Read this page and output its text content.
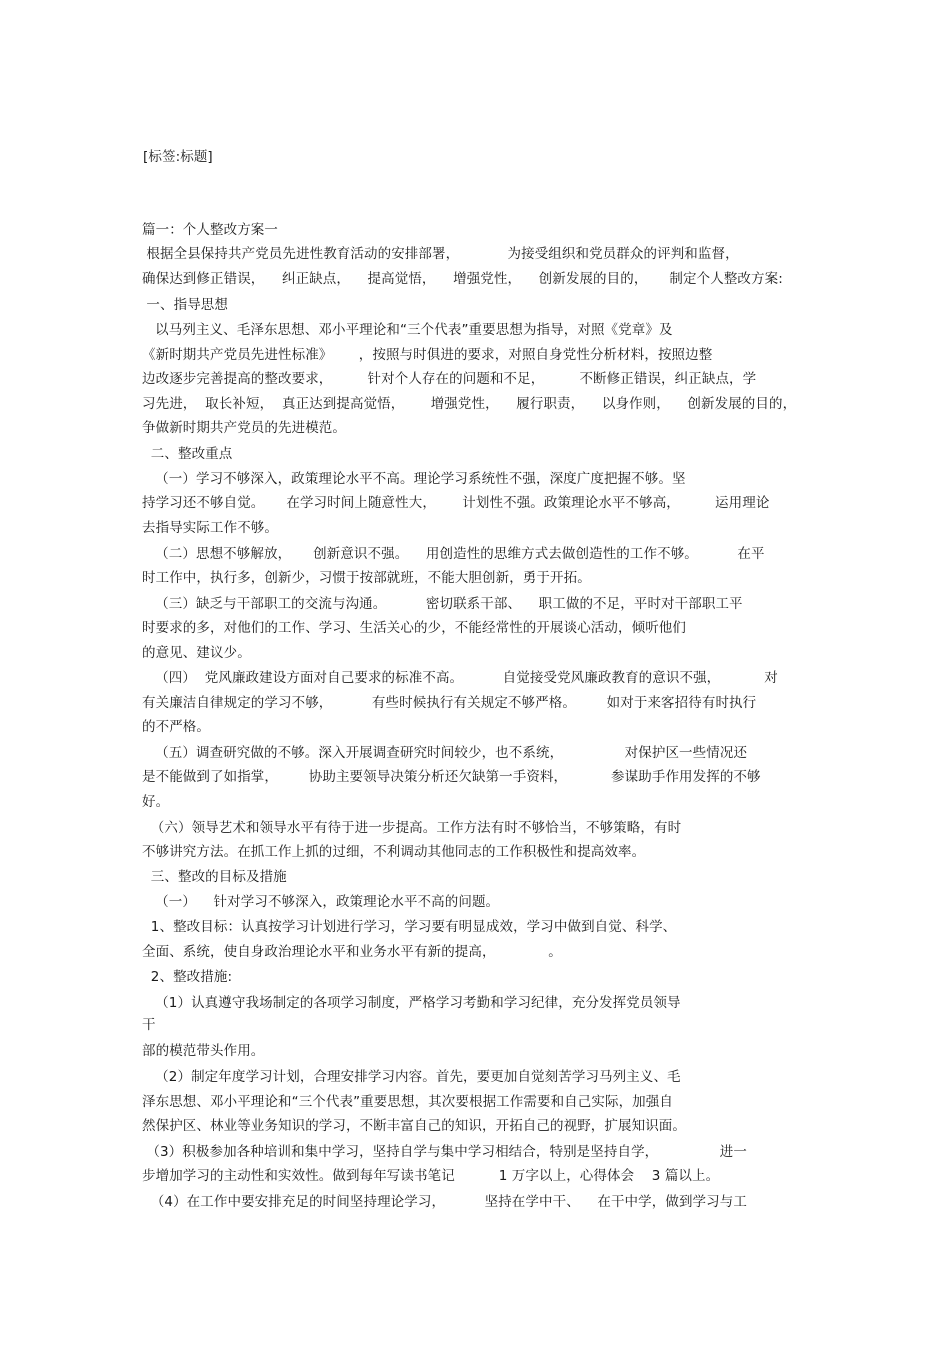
[标签:标题]
篇一：个人整改方案一
根据全县保持共产党员先进性教育活动的安排部署，           为接受组织和党员群众的评判和监督，
确保达到修正错误，    纠正缺点，    提高觉悟，    增强党性，    创新发展的目的，     制定个人整改方案:
一、指导思想
以马列主义、毛泽东思想、邓小平理论和“三个代表”重要思想为指导，对照《党章》及
《新时期共产党员先进性标准》      ，按照与时俱进的要求，对照自身党性分析材料，按照边整
边改逐步完善提高的整改要求，        针对个人存在的问题和不足，        不断修正错误，纠正缺点，学
习先进，  取长补短，  真正达到提高觉悟，      增强党性，    履行职责，    以身作则，    创新发展的目的，
争做新时期共产党员的先进模范。
二、整改重点
（一）学习不够深入，政策理论水平不高。理论学习系统性不强，深度广度把握不够。坚
持学习还不够自觉。     在学习时间上随意性大，      计划性不强。政策理论水平不够高，        运用理论
去指导实际工作不够。
（二）思想不够解放，     创新意识不强。    用创造性的思维方式去做创造性的工作不够。         在平
时工作中，执行多，创新少，习惯于按部就班，不能大胆创新，勇于开拓。
（三）缺乏与干部职工的交流与沟通。         密切联系干部、    职工做的不足，平时对干部职工平
时要求的多，对他们的工作、学习、生活关心的少，不能经常性的开展谈心活动，倾听他们
的意见、建议少。
（四）  党风廉政建设方面对自己要求的标准不高。         自觉接受党风廉政教育的意识不强，          对
有关廉洁自律规定的学习不够，         有些时候执行有关规定不够严格。       如对于来客招待有时执行
的不严格。
（五）调查研究做的不够。深入开展调查研究时间较少，也不系统，              对保护区一些情况还
是不能做到了如指掌，       协助主要领导决策分析还欠缺第一手资料，          参谋助手作用发挥的不够
好。
（六）领导艺术和领导水平有待于进一步提高。工作方法有时不够恰当，不够策略，有时
不够讲究方法。在抓工作上抓的过细，不利调动其他同志的工作积极性和提高效率。
三、整改的目标及措施
（一）    针对学习不够深入，政策理论水平不高的问题。
1、整改目标：认真按学习计划进行学习，学习要有明显成效，学习中做到自觉、科学、
全面、系统，使自身政治理论水平和业务水平有新的提高，            。
2、整改措施:
（1）认真遵守我场制定的各项学习制度，严格学习考勤和学习纪律，充分发挥党员领导
干
部的模范带头作用。
（2）制定年度学习计划，合理安排学习内容。首先，要更加自觉刻苦学习马列主义、毛
泽东思想、邓小平理论和“三个代表”重要思想，其次要根据工作需要和自己实际，加强自
然保护区、林业等业务知识的学习，不断丰富自己的知识，开拓自己的视野，扩展知识面。
（3）积极参加各种培训和集中学习，坚持自学与集中学习相结合，特别是坚持自学，              进一
步增加学习的主动性和实效性。做到每年写读书笔记          1 万字以上，心得体会    3 篇以上。
（4）在工作中要安排充足的时间坚持理论学习，         坚持在学中干、    在干中学，做到学习与工
